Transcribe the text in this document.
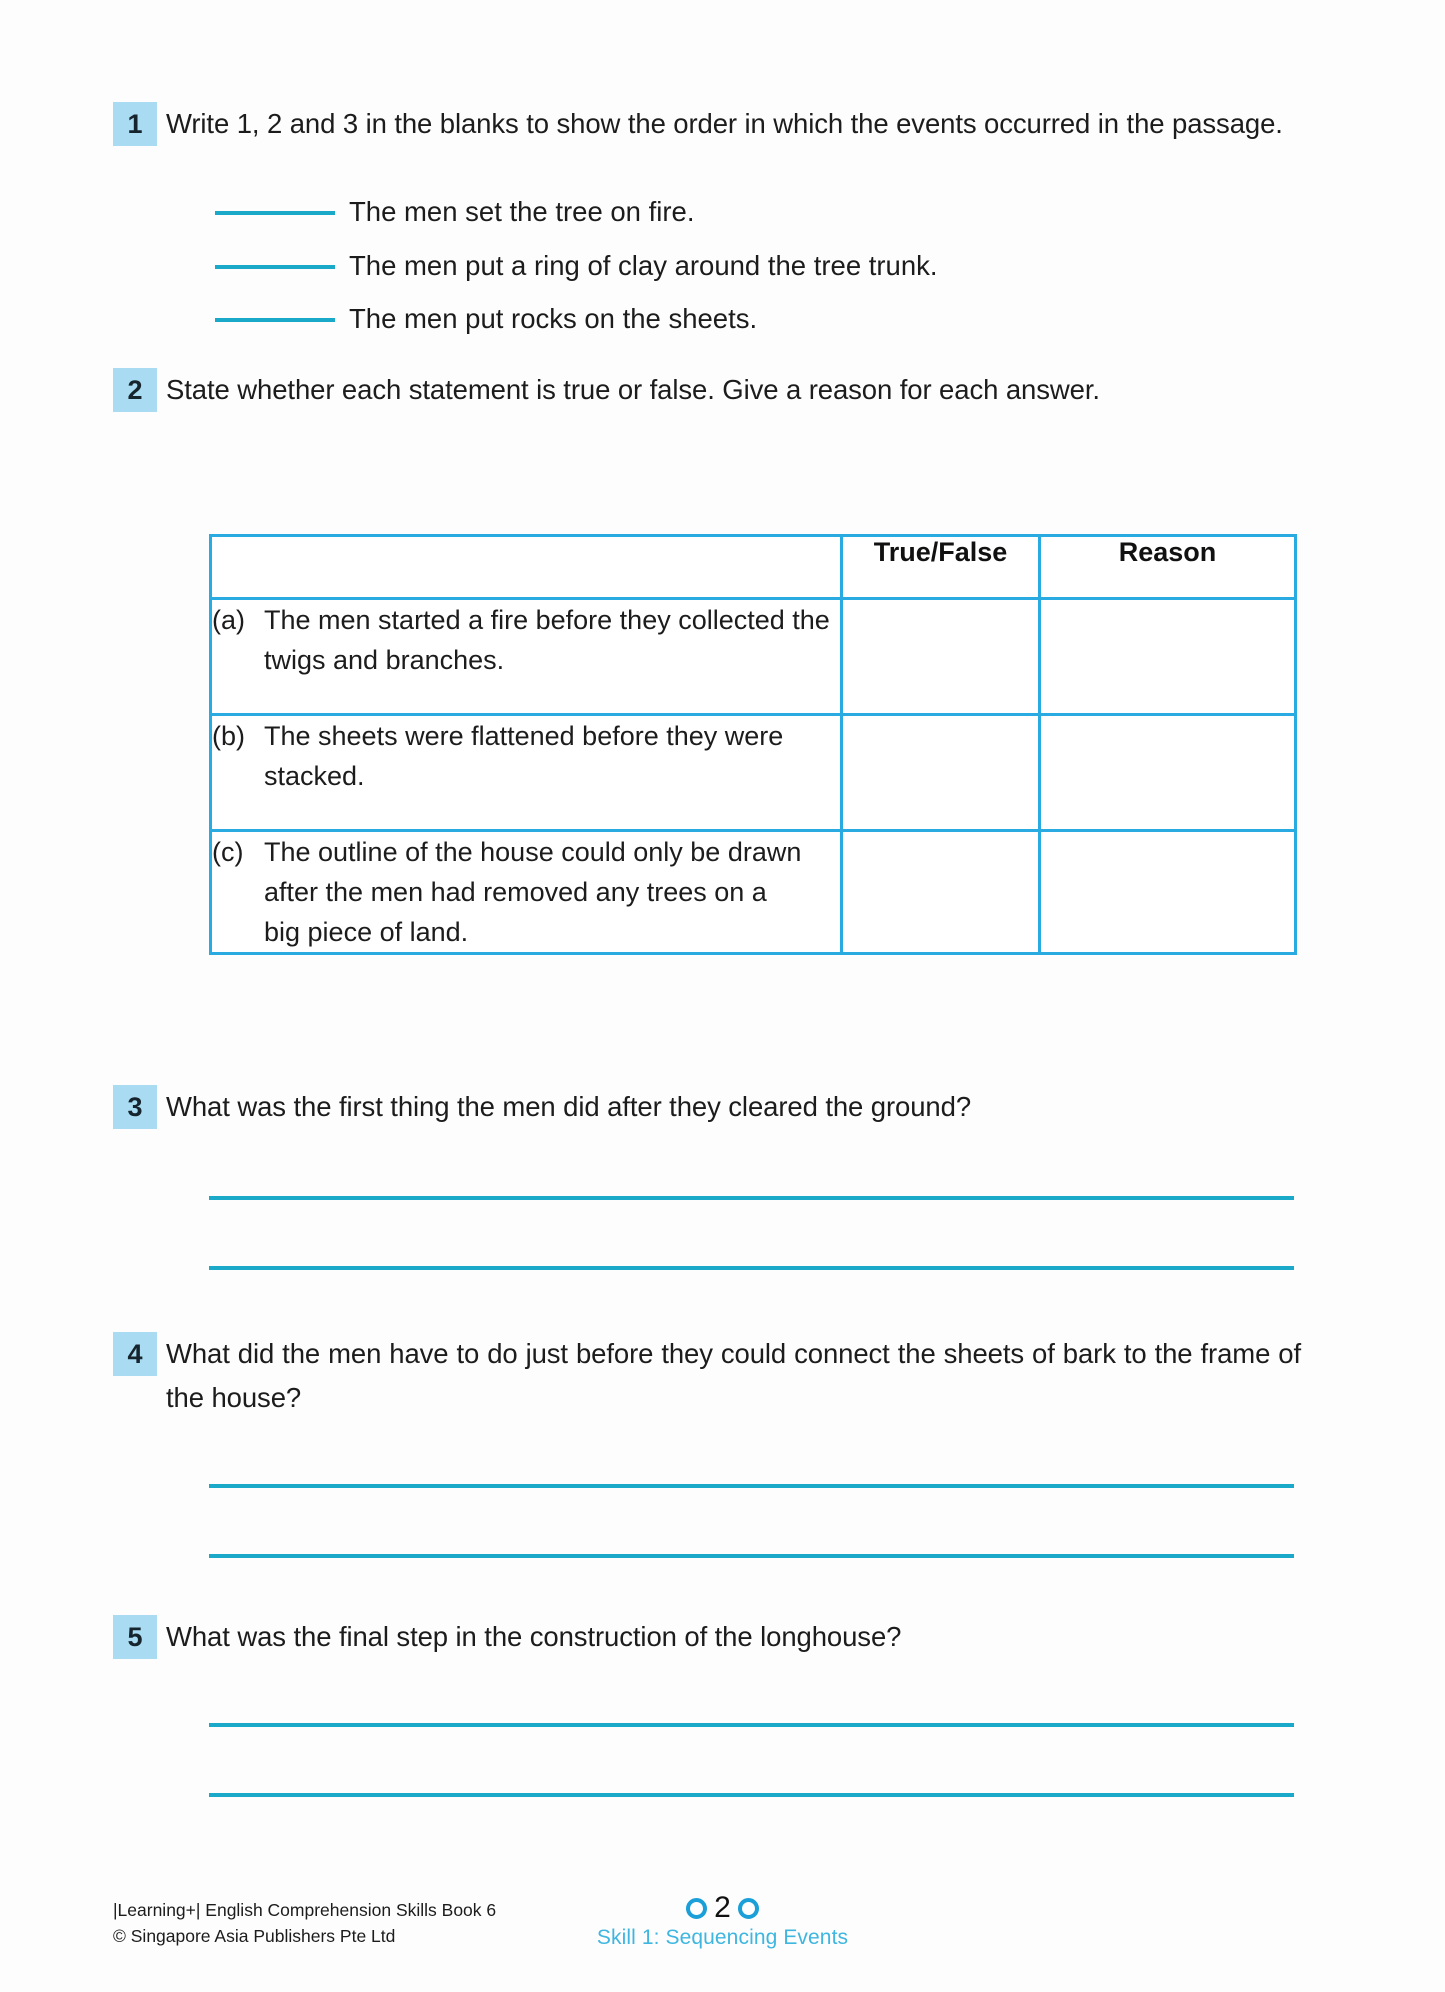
1 Write 1, 2 and 3 in the blanks to show the order in which the events occurred in the passage.
The men set the tree on fire.
The men put a ring of clay around the tree trunk.
The men put rocks on the sheets.
2 State whether each statement is true or false. Give a reason for each answer.
	True/False	Reason

(a) The men started a fire before they collected the twigs and branches.		

(b) The sheets were flattened before they were stacked.		

(c) The outline of the house could only be drawn after the men had removed any trees on a big piece of land.		

3 What was the first thing the men did after they cleared the ground?
4 What did the men have to do just before they could connect the sheets of bark to the frame of the house?
5 What was the final step in the construction of the longhouse?
|Learning+| English Comprehension Skills Book 6
© Singapore Asia Publishers Pte Ltd
2
Skill 1: Sequencing Events
